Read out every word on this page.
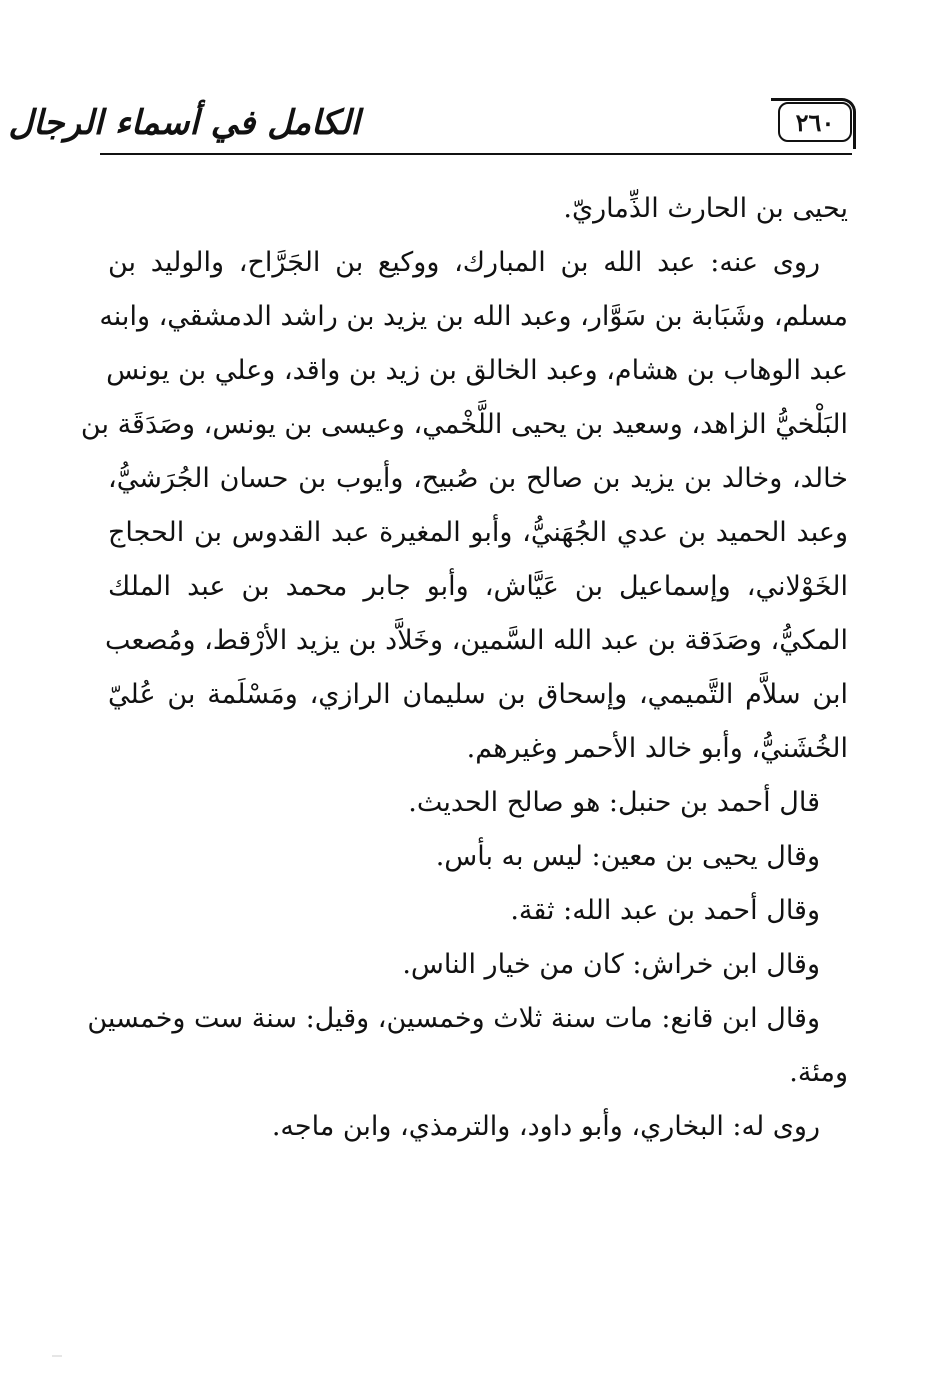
٢٦٠
الكامل في أسماء الرجال
يحيى بن الحارث الذِّماريّ.
روى عنه: عبد الله بن المبارك، ووكيع بن الجَرَّاح، والوليد بن
مسلم، وشَبَابة بن سَوَّار، وعبد الله بن يزيد بن راشد الدمشقي، وابنه
عبد الوهاب بن هشام، وعبد الخالق بن زيد بن واقد، وعلي بن يونس
البَلْخيُّ الزاهد، وسعيد بن يحيى اللَّخْمي، وعيسى بن يونس، وصَدَقَة بن
خالد، وخالد بن يزيد بن صالح بن صُبيح، وأيوب بن حسان الجُرَشيُّ،
وعبد الحميد بن عدي الجُهَنيُّ، وأبو المغيرة عبد القدوس بن الحجاج
الخَوْلاني، وإسماعيل بن عَيَّاش، وأبو جابر محمد بن عبد الملك
المكيُّ، وصَدَقة بن عبد الله السَّمين، وخَلاَّد بن يزيد الأرْقط، ومُصعب
ابن سلاَّم التَّميمي، وإسحاق بن سليمان الرازي، ومَسْلَمة بن عُليّ
الخُشَنيُّ، وأبو خالد الأحمر وغيرهم.
قال أحمد بن حنبل: هو صالح الحديث.
وقال يحيى بن معين: ليس به بأس.
وقال أحمد بن عبد الله: ثقة.
وقال ابن خراش: كان من خيار الناس.
وقال ابن قانع: مات سنة ثلاث وخمسين، وقيل: سنة ست وخمسين
ومئة.
روى له: البخاري، وأبو داود، والترمذي، وابن ماجه.
